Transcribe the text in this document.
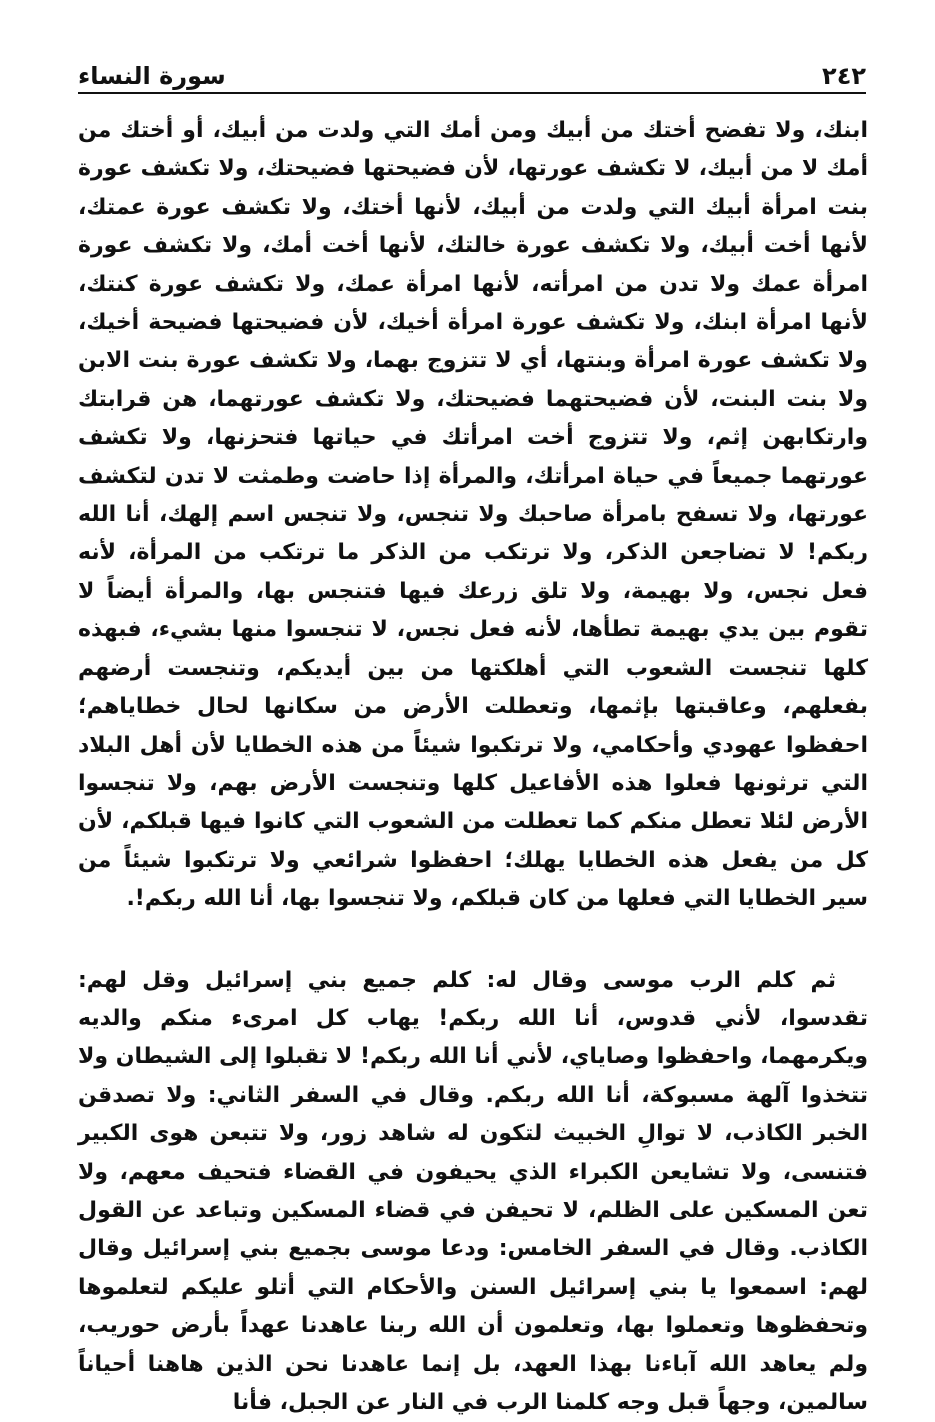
٢٤٢
سورة النساء

ابنك، ولا تفضح أختك من أبيك ومن أمك التي ولدت من أبيك، أو أختك من أمك لا من أبيك، لا تكشف عورتها، لأن فضيحتها فضيحتك، ولا تكشف عورة بنت امرأة أبيك التي ولدت من أبيك، لأنها أختك، ولا تكشف عورة عمتك، لأنها أخت أبيك، ولا تكشف عورة خالتك، لأنها أخت أمك، ولا تكشف عورة امرأة عمك ولا تدن من امرأته، لأنها امرأة عمك، ولا تكشف عورة كنتك، لأنها امرأة ابنك، ولا تكشف عورة امرأة أخيك، لأن فضيحتها فضيحة أخيك، ولا تكشف عورة امرأة وبنتها، أي لا تتزوج بهما، ولا تكشف عورة بنت الابن ولا بنت البنت، لأن فضيحتهما فضيحتك، ولا تكشف عورتهما، هن قرابتك وارتكابهن إثم، ولا تتزوج أخت امرأتك في حياتها فتحزنها، ولا تكشف عورتهما جميعاً في حياة امرأتك، والمرأة إذا حاضت وطمثت لا تدن لتكشف عورتها، ولا تسفح بامرأة صاحبك ولا تنجس، ولا تنجس اسم إلهك، أنا الله ربكم! لا تضاجعن الذكر، ولا ترتكب من الذكر ما ترتكب من المرأة، لأنه فعل نجس، ولا بهيمة، ولا تلق زرعك فيها فتنجس بها، والمرأة أيضاً لا تقوم بين يدي بهيمة تطأها، لأنه فعل نجس، لا تنجسوا منها بشيء، فبهذه كلها تنجست الشعوب التي أهلكتها من بين أيديكم، وتنجست أرضهم بفعلهم، وعاقبتها بإثمها، وتعطلت الأرض من سكانها لحال خطاياهم؛ احفظوا عهودي وأحكامي، ولا ترتكبوا شيئاً من هذه الخطايا لأن أهل البلاد التي ترثونها فعلوا هذه الأفاعيل كلها وتنجست الأرض بهم، ولا تنجسوا الأرض لئلا تعطل منكم كما تعطلت من الشعوب التي كانوا فيها قبلكم، لأن كل من يفعل هذه الخطايا يهلك؛ احفظوا شرائعي ولا ترتكبوا شيئاً من سير الخطايا التي فعلها من كان قبلكم، ولا تنجسوا بها، أنا الله ربكم!.

ثم كلم الرب موسى وقال له: كلم جميع بني إسرائيل وقل لهم: تقدسوا، لأني قدوس، أنا الله ربكم! يهاب كل امرىء منكم والديه ويكرمهما، واحفظوا وصاياي، لأني أنا الله ربكم! لا تقبلوا إلى الشيطان ولا تتخذوا آلهة مسبوكة، أنا الله ربكم. وقال في السفر الثاني: ولا تصدقن الخبر الكاذب، لا توالِ الخبيث لتكون له شاهد زور، ولا تتبعن هوى الكبير فتنسى، ولا تشايعن الكبراء الذي يحيفون في القضاء فتحيف معهم، ولا تعن المسكين على الظلم، لا تحيفن في قضاء المسكين وتباعد عن القول الكاذب. وقال في السفر الخامس: ودعا موسى بجميع بني إسرائيل وقال لهم: اسمعوا يا بني إسرائيل السنن والأحكام التي أتلو عليكم لتعلموها وتحفظوها وتعملوا بها، وتعلمون أن الله ربنا عاهدنا عهداً بأرض حوريب، ولم يعاهد الله آباءنا بهذا العهد، بل إنما عاهدنا نحن الذين هاهنا أحياناً سالمين، وجهاً قبل وجه كلمنا الرب في النار عن الجبل، فأنا
